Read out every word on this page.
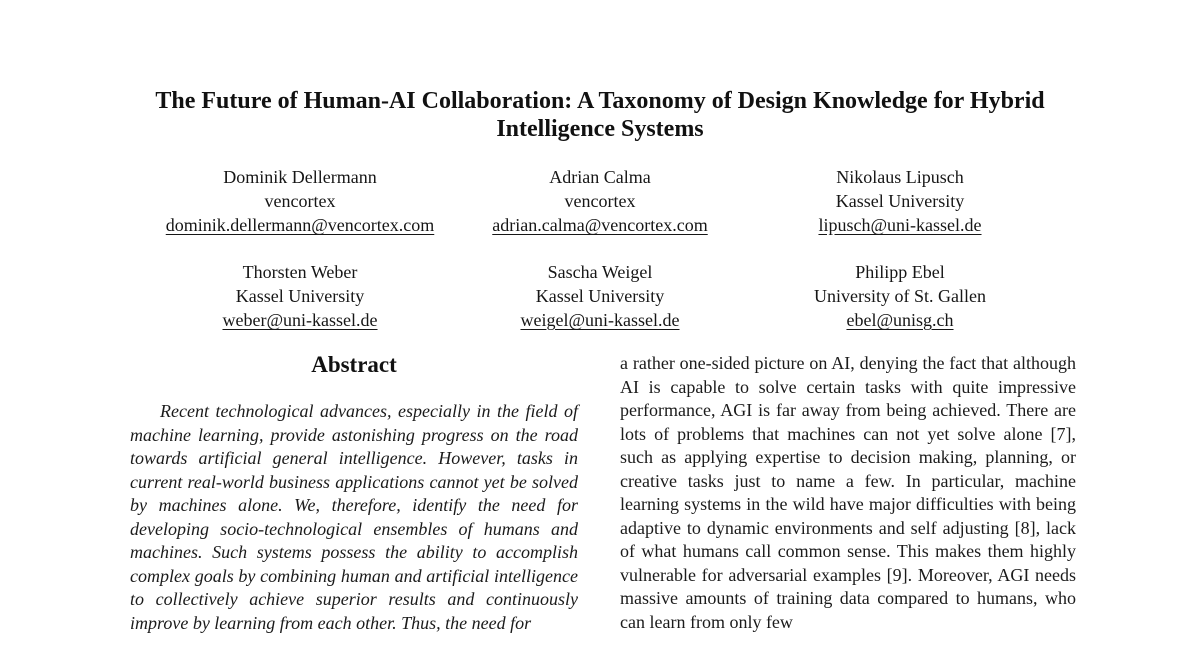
The Future of Human-AI Collaboration: A Taxonomy of Design Knowledge for Hybrid Intelligence Systems
Dominik Dellermann
vencortex
dominik.dellermann@vencortex.com
Adrian Calma
vencortex
adrian.calma@vencortex.com
Nikolaus Lipusch
Kassel University
lipusch@uni-kassel.de
Thorsten Weber
Kassel University
weber@uni-kassel.de
Sascha Weigel
Kassel University
weigel@uni-kassel.de
Philipp Ebel
University of St. Gallen
ebel@unisg.ch
Abstract

Recent technological advances, especially in the field of machine learning, provide astonishing progress on the road towards artificial general intelligence. However, tasks in current real-world business applications cannot yet be solved by machines alone. We, therefore, identify the need for developing socio-technological ensembles of humans and machines. Such systems possess the ability to accomplish complex goals by combining human and artificial intelligence to collectively achieve superior results and continuously improve by learning from each other. Thus, the need for

a rather one-sided picture on AI, denying the fact that although AI is capable to solve certain tasks with quite impressive performance, AGI is far away from being achieved. There are lots of problems that machines can not yet solve alone [7], such as applying expertise to decision making, planning, or creative tasks just to name a few. In particular, machine learning systems in the wild have major difficulties with being adaptive to dynamic environments and self adjusting [8], lack of what humans call common sense. This makes them highly vulnerable for adversarial examples [9]. Moreover, AGI needs massive amounts of training data compared to humans, who can learn from only few
